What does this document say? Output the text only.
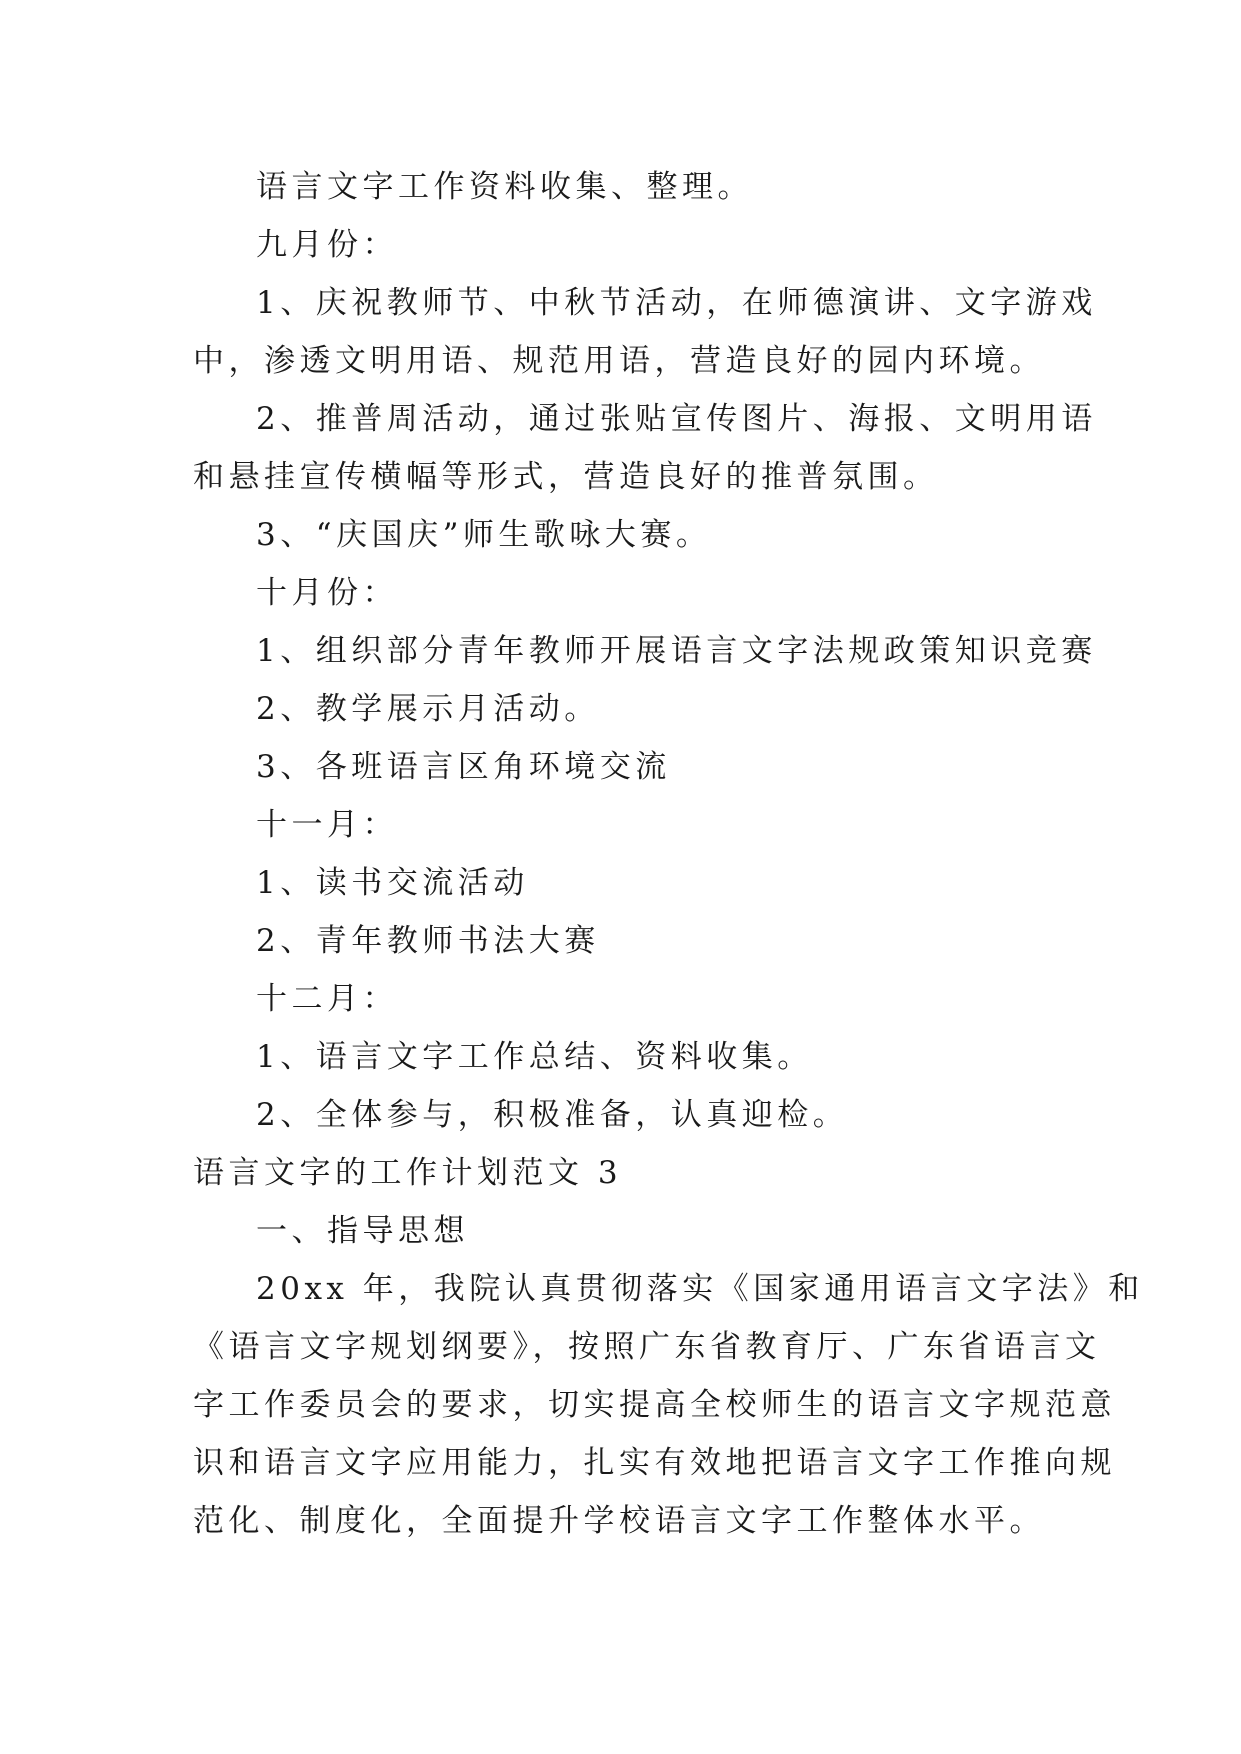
语言文字工作资料收集、整理。

九月份：

1、庆祝教师节、中秋节活动，在师德演讲、文字游戏

中，渗透文明用语、规范用语，营造良好的园内环境。

2、推普周活动，通过张贴宣传图片、海报、文明用语

和悬挂宣传横幅等形式，营造良好的推普氛围。

3、“庆国庆”师生歌咏大赛。

十月份：

1、组织部分青年教师开展语言文字法规政策知识竞赛

2、教学展示月活动。

3、各班语言区角环境交流

十一月：

1、读书交流活动

2、青年教师书法大赛

十二月：

1、语言文字工作总结、资料收集。

2、全体参与，积极准备，认真迎检。

语言文字的工作计划范文 3

一、指导思想

20xx 年，我院认真贯彻落实《国家通用语言文字法》和

《语言文字规划纲要》，按照广东省教育厅、广东省语言文

字工作委员会的要求，切实提高全校师生的语言文字规范意

识和语言文字应用能力，扎实有效地把语言文字工作推向规

范化、制度化，全面提升学校语言文字工作整体水平。
